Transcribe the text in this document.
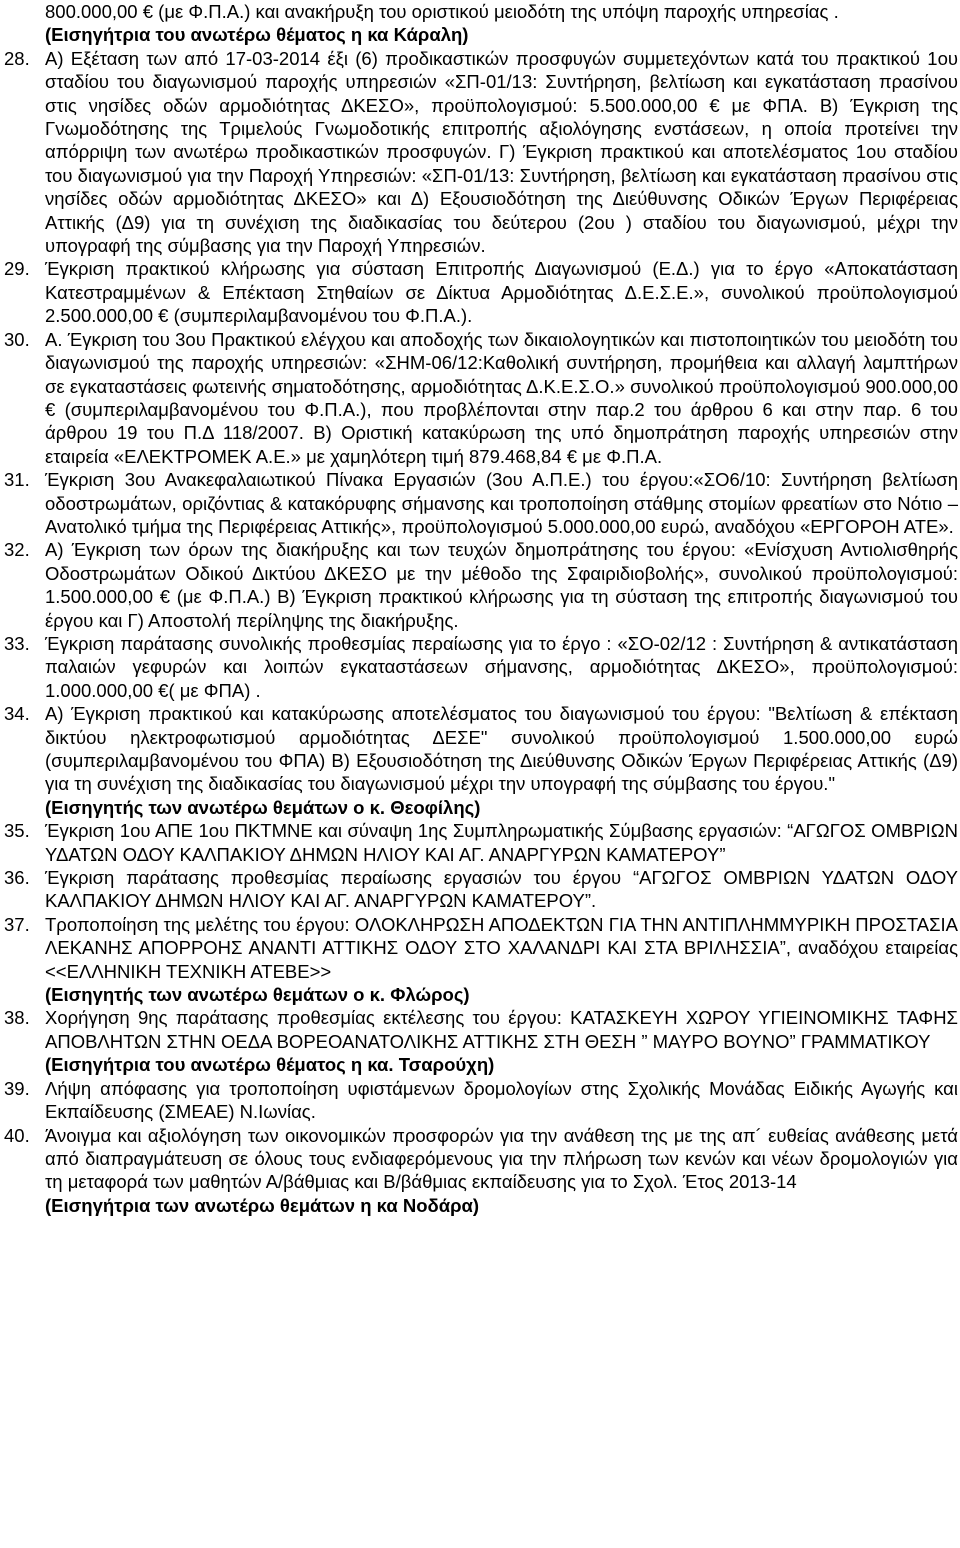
800.000,00 € (με Φ.Π.Α.) και ανακήρυξη του οριστικού μειοδότη της υπόψη παροχής υπηρεσίας .
(Εισηγήτρια του ανωτέρω θέματος η κα Κάραλη)
28. Α) Εξέταση των από 17-03-2014 έξι (6) προδικαστικών προσφυγών συμμετεχόντων κατά του πρακτικού 1ου σταδίου του διαγωνισμού παροχής υπηρεσιών «ΣΠ-01/13: Συντήρηση, βελτίωση και εγκατάσταση πρασίνου στις νησίδες οδών αρμοδιότητας ΔΚΕΣΟ», προϋπολογισμού: 5.500.000,00 € με ΦΠΑ. Β) Έγκριση της Γνωμοδότησης της Τριμελούς Γνωμοδοτικής επιτροπής αξιολόγησης ενστάσεων, η οποία προτείνει την απόρριψη των ανωτέρω προδικαστικών προσφυγών. Γ) Έγκριση πρακτικού και αποτελέσματος 1ου σταδίου του διαγωνισμού για την Παροχή Υπηρεσιών: «ΣΠ-01/13: Συντήρηση, βελτίωση και εγκατάσταση πρασίνου στις νησίδες οδών αρμοδιότητας ΔΚΕΣΟ» και Δ) Εξουσιοδότηση της Διεύθυνσης Οδικών Έργων Περιφέρειας Αττικής (Δ9) για τη συνέχιση της διαδικασίας του δεύτερου (2ου ) σταδίου του διαγωνισμού, μέχρι την υπογραφή της σύμβασης για την Παροχή Υπηρεσιών.
29. Έγκριση πρακτικού κλήρωσης για σύσταση Επιτροπής Διαγωνισμού (Ε.Δ.) για το έργο «Αποκατάσταση Κατεστραμμένων & Επέκταση Στηθαίων σε Δίκτυα Αρμοδιότητας Δ.Ε.Σ.Ε.», συνολικού προϋπολογισμού 2.500.000,00 € (συμπεριλαμβανομένου του Φ.Π.Α.).
30. Α. Έγκριση του 3ου Πρακτικού ελέγχου και αποδοχής των δικαιολογητικών και πιστοποιητικών του μειοδότη του διαγωνισμού της παροχής υπηρεσιών: «ΣΗΜ-06/12:Καθολική συντήρηση, προμήθεια και αλλαγή λαμπτήρων σε εγκαταστάσεις φωτεινής σηματοδότησης, αρμοδιότητας Δ.Κ.Ε.Σ.Ο.» συνολικού προϋπολογισμού 900.000,00 € (συμπεριλαμβανομένου του Φ.Π.Α.), που προβλέπονται στην παρ.2 του άρθρου 6 και στην παρ. 6 του άρθρου 19 του Π.Δ 118/2007. Β) Οριστική κατακύρωση της υπό δημοπράτηση παροχής υπηρεσιών στην εταιρεία «ΕΛΕΚΤΡΟΜΕΚ Α.Ε.» με χαμηλότερη τιμή 879.468,84 € με Φ.Π.Α.
31. Έγκριση 3ου Ανακεφαλαιωτικού Πίνακα Εργασιών (3ου Α.Π.Ε.) του έργου:«ΣΟ6/10: Συντήρηση βελτίωση οδοστρωμάτων, οριζόντιας & κατακόρυφης σήμανσης και τροποποίηση στάθμης στομίων φρεατίων στο Νότιο – Ανατολικό τμήμα της Περιφέρειας Αττικής», προϋπολογισμού 5.000.000,00 ευρώ, αναδόχου «ΕΡΓΟΡΟΗ ΑΤΕ».
32. Α) Έγκριση των όρων της διακήρυξης και των τευχών δημοπράτησης του έργου: «Ενίσχυση Αντιολισθηρής Οδοστρωμάτων Οδικού Δικτύου ΔΚΕΣΟ με την μέθοδο της Σφαιριδιοβολής», συνολικού προϋπολογισμού: 1.500.000,00 € (με Φ.Π.Α.) Β) Έγκριση πρακτικού κλήρωσης για τη σύσταση της επιτροπής διαγωνισμού του έργου και Γ) Αποστολή περίληψης της διακήρυξης.
33. Έγκριση παράτασης συνολικής προθεσμίας περαίωσης για το έργο : «ΣΟ-02/12 : Συντήρηση & αντικατάσταση παλαιών γεφυρών και λοιπών εγκαταστάσεων σήμανσης, αρμοδιότητας ΔΚΕΣΟ», προϋπολογισμού: 1.000.000,00 €( με ΦΠΑ) .
34. Α) Έγκριση πρακτικού και κατακύρωσης αποτελέσματος του διαγωνισμού του έργου: "Βελτίωση & επέκταση δικτύου ηλεκτροφωτισμού αρμοδιότητας ΔΕΣΕ" συνολικού προϋπολογισμού 1.500.000,00 ευρώ (συμπεριλαμβανομένου του ΦΠΑ) Β) Εξουσιοδότηση της Διεύθυνσης Οδικών Έργων Περιφέρειας Αττικής (Δ9) για τη συνέχιση της διαδικασίας του διαγωνισμού μέχρι την υπογραφή της σύμβασης του έργου."
(Εισηγητής των ανωτέρω θεμάτων ο κ. Θεοφίλης)
35. Έγκριση 1ου ΑΠΕ 1ου ΠΚΤΜΝΕ και σύναψη 1ης Συμπληρωματικής Σύμβασης εργασιών: “ΑΓΩΓΟΣ ΟΜΒΡΙΩΝ ΥΔΑΤΩΝ ΟΔΟΥ ΚΑΛΠΑΚΙΟΥ ΔΗΜΩΝ ΗΛΙΟΥ ΚΑΙ ΑΓ. ΑΝΑΡΓΥΡΩΝ ΚΑΜΑΤΕΡΟΥ”
36. Έγκριση παράτασης προθεσμίας περαίωσης εργασιών του έργου “ΑΓΩΓΟΣ ΟΜΒΡΙΩΝ ΥΔΑΤΩΝ ΟΔΟΥ ΚΑΛΠΑΚΙΟΥ ΔΗΜΩΝ ΗΛΙΟΥ ΚΑΙ ΑΓ. ΑΝΑΡΓΥΡΩΝ ΚΑΜΑΤΕΡΟΥ”.
37. Τροποποίηση της μελέτης του έργου: ΟΛΟΚΛΗΡΩΣΗ ΑΠΟΔΕΚΤΩΝ ΓΙΑ ΤΗΝ ΑΝΤΙΠΛΗΜΜΥΡΙΚΗ ΠΡΟΣΤΑΣΙΑ ΛΕΚΑΝΗΣ ΑΠΟΡΡΟΗΣ ΑΝΑΝΤΙ ΑΤΤΙΚΗΣ ΟΔΟΥ ΣΤΟ ΧΑΛΑΝΔΡΙ ΚΑΙ ΣΤΑ ΒΡΙΛΗΣΣΙΑ”, αναδόχου εταιρείας <<ΕΛΛΗΝΙΚΗ ΤΕΧΝΙΚΗ ΑΤΕΒΕ>>
(Εισηγητής των ανωτέρω θεμάτων ο κ. Φλώρος)
38. Χορήγηση 9ης παράτασης προθεσμίας εκτέλεσης του έργου: ΚΑΤΑΣΚΕΥΗ ΧΩΡΟΥ ΥΓΙΕΙΝΟΜΙΚΗΣ ΤΑΦΗΣ ΑΠΟΒΛΗΤΩΝ ΣΤΗΝ ΟΕΔΑ ΒΟΡΕΟΑΝΑΤΟΛΙΚΗΣ ΑΤΤΙΚΗΣ ΣΤΗ ΘΕΣΗ ” ΜΑΥΡΟ ΒΟΥΝΟ” ΓΡΑΜΜΑΤΙΚΟΥ
(Εισηγήτρια του ανωτέρω θέματος η κα. Τσαρούχη)
39. Λήψη απόφασης για τροποποίηση υφιστάμενων δρομολογίων στης Σχολικής Μονάδας Ειδικής Αγωγής και Εκπαίδευσης (ΣΜΕΑΕ) Ν.Ιωνίας.
40. Άνοιγμα και αξιολόγηση των οικονομικών προσφορών για την ανάθεση της με της απ´ ευθείας ανάθεσης μετά από διαπραγμάτευση σε όλους τους ενδιαφερόμενους για την πλήρωση των κενών και νέων δρομολογιών για τη μεταφορά των μαθητών Α/βάθμιας και Β/βάθμιας εκπαίδευσης για το Σχολ. Έτος 2013-14
(Εισηγήτρια των ανωτέρω θεμάτων η κα Νοδάρα)
